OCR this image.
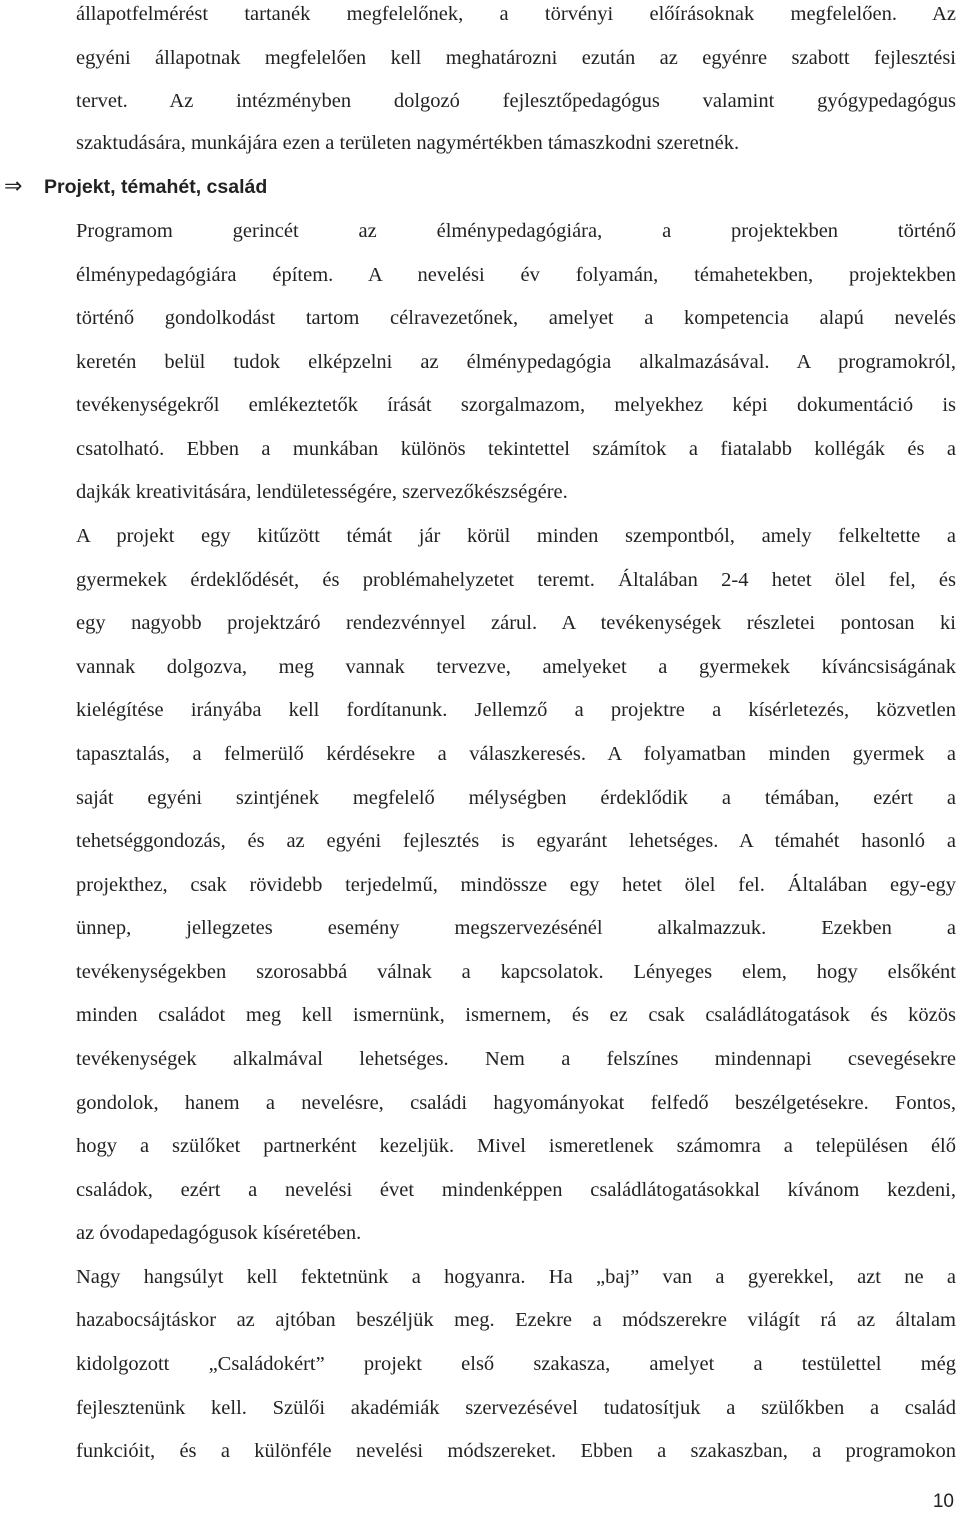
állapotfelmérést tartanék megfelelőnek, a törvényi előírásoknak megfelelően. Az
egyéni állapotnak megfelelően kell meghatározni ezután az egyénre szabott fejlesztési
tervet. Az intézményben dolgozó fejlesztőpedagógus valamint gyógypedagógus
szaktudására, munkájára ezen a területen nagymértékben támaszkodni szeretnék.
⇒ Projekt, témahét, család
Programom gerincét az élménypedagógiára, a projektekben történő
élménypedagógiára építem. A nevelési év folyamán, témahetekben, projektekben
történő gondolkodást tartom célravezetőnek, amelyet a kompetencia alapú nevelés
keretén belül tudok elképzelni az élménypedagógia alkalmazásával. A programokról,
tevékenységekről emlékeztetők írását szorgalmazom, melyekhez képi dokumentáció is
csatolható. Ebben a munkában különös tekintettel számítok a fiatalabb kollégák és a
dajkák kreativitására, lendületességére, szervezőkészségére.
A projekt egy kitűzött témát jár körül minden szempontból, amely felkeltette a
gyermekek érdeklődését, és problémahelyzetet teremt. Általában 2-4 hetet ölel fel, és
egy nagyobb projektzáró rendezvénnyel zárul. A tevékenységek részletei pontosan ki
vannak dolgozva, meg vannak tervezve, amelyeket a gyermekek kíváncsiságának
kielégítése irányába kell fordítanunk. Jellemző a projektre a kísérletezés, közvetlen
tapasztalás, a felmerülő kérdésekre a válaszkeresés. A folyamatban minden gyermek a
saját egyéni szintjének megfelelő mélységben érdeklődik a témában, ezért a
tehetséggondozás, és az egyéni fejlesztés is egyaránt lehetséges. A témahét hasonló a
projekthez, csak rövidebb terjedelmű, mindössze egy hetet ölel fel. Általában egy-egy
ünnep, jellegzetes esemény megszervezésénél alkalmazzuk. Ezekben a
tevékenységekben szorosabbá válnak a kapcsolatok. Lényeges elem, hogy elsőként
minden családot meg kell ismernünk, ismernem, és ez csak családlátogatások és közös
tevékenységek alkalmával lehetséges. Nem a felszínes mindennapi csevegésekre
gondolok, hanem a nevelésre, családi hagyományokat felfedő beszélgetésekre. Fontos,
hogy a szülőket partnerként kezeljük. Mivel ismeretlenek számomra a településen élő
családok, ezért a nevelési évet mindenképpen családlátogatásokkal kívánom kezdeni,
az óvodapedagógusok kíséretében.
Nagy hangsúlyt kell fektetnünk a hogyanra. Ha „baj” van a gyerekkel, azt ne a
hazabocsájtáskor az ajtóban beszéljük meg. Ezekre a módszerekre világít rá az általam
kidolgozott „Családokért” projekt első szakasza, amelyet a testülettel még
fejlesztenünk kell. Szülői akadémiák szervezésével tudatosítjuk a szülőkben a család
funkcióit, és a különféle nevelési módszereket. Ebben a szakaszban, a programokon
10
